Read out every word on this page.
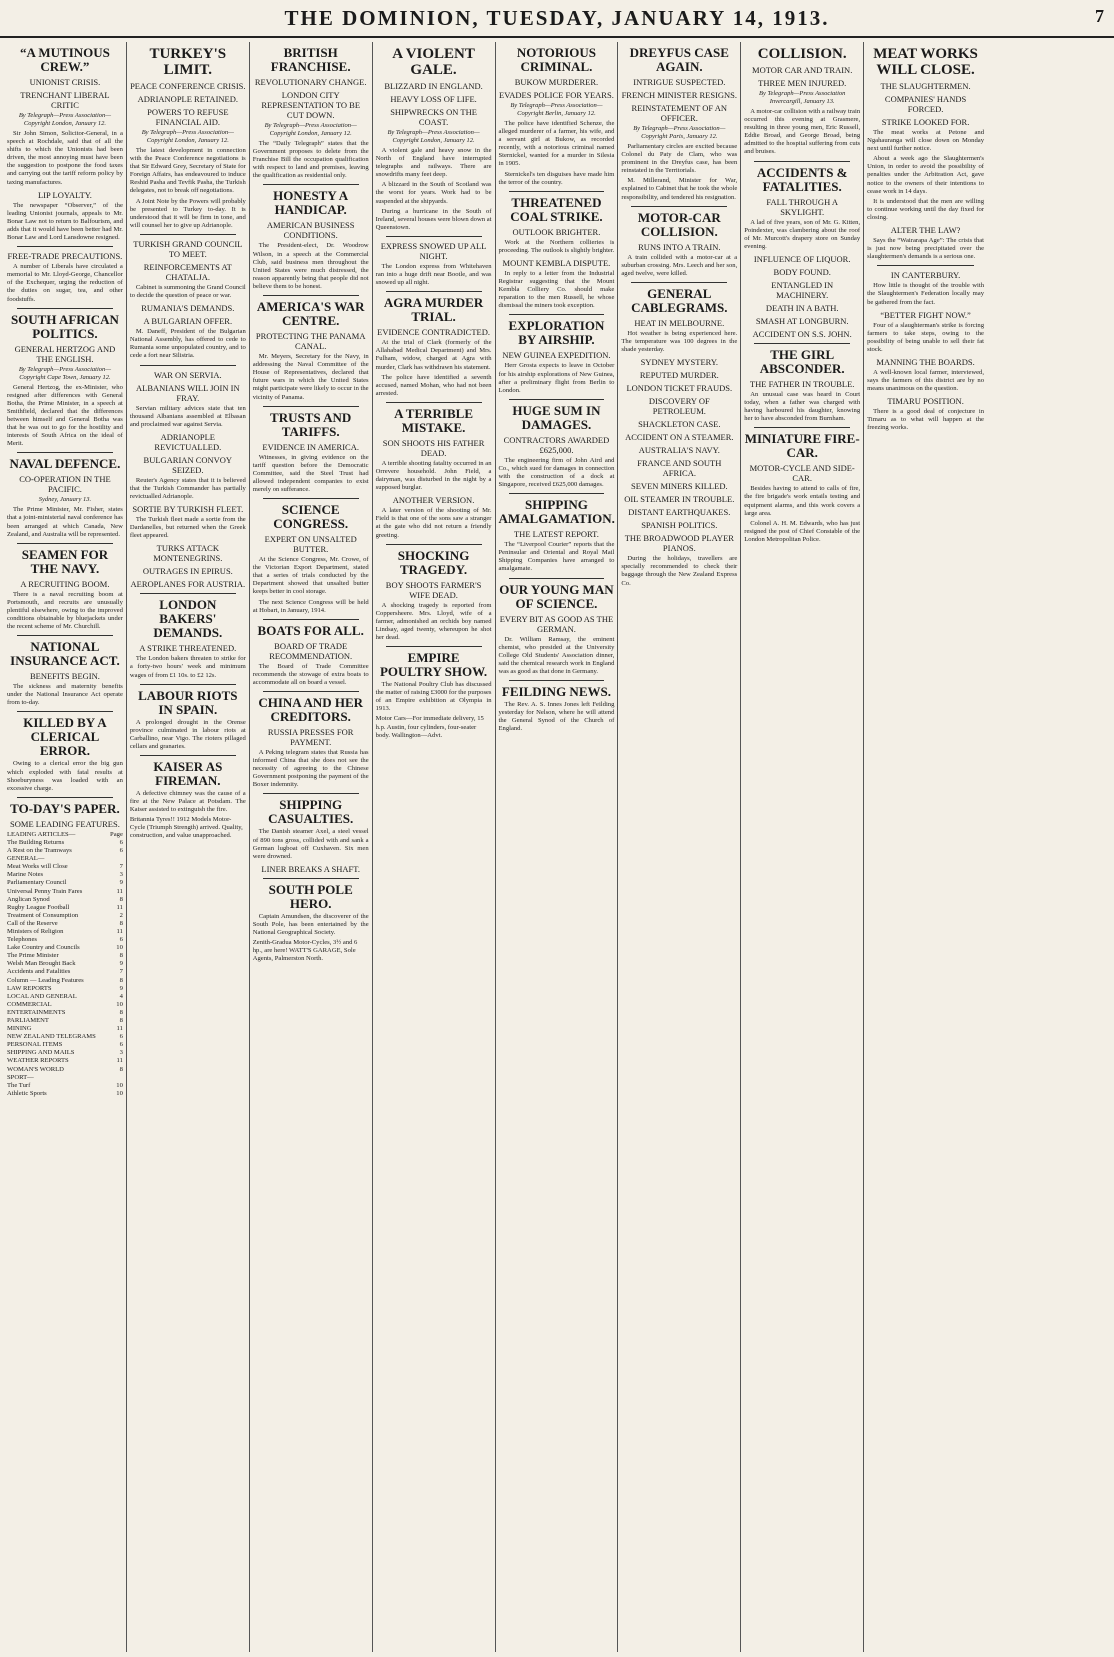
THE DOMINION, TUESDAY, JANUARY 14, 1913.	7
“A MUTINOUS CREW.”
UNIONIST CRISIS.
TRENCHANT LIBERAL CRITIC
By Telegraph—Press Association—Copyright London, January 12.
Sir John Simon, Solicitor-General, in a speech at Rochdale, said that of all the shifts to which the Unionists had been driven, the most annoying must have been the suggestion to postpone the food taxes and carrying out the tariff reform policy by taxing manufactures.
LIP LOYALTY.
The newspaper “Observer,” of the leading Unionist journals, appeals to Mr. Bonar Law not to return to Balfourism, and adds that it would have been better had Mr. Bonar Law and Lord Lansdowne resigned.
FREE-TRADE PRECAUTIONS.
A number of Liberals have circulated a memorial to Mr. Lloyd-George, Chancellor of the Exchequer, urging the reduction of the duties on sugar, tea, and other foodstuffs.
SOUTH AFRICAN POLITICS.
GENERAL HERTZOG AND THE ENGLISH.
By Telegraph—Press Association—Copyright Cape Town, January 12.
General Hertzog, the ex-Minister, who resigned after differences with General Botha, the Prime Minister, in a speech at Smithfield, declared that the differences between himself and General Botha was that he was out to go for the hostility and interests of South Africa on the ideal of Merit.
NAVAL DEFENCE.
CO-OPERATION IN THE PACIFIC.
Sydney, January 13.
The Prime Minister, Mr. Fisher, states that a joint-ministerial naval conference has been arranged at which Canada, New Zealand, and Australia will be represented.
SEAMEN FOR THE NAVY.
A RECRUITING BOOM.
There is a naval recruiting boom at Portsmouth, and recruits are unusually plentiful elsewhere, owing to the improved conditions obtainable by bluejackets under the recent scheme of Mr. Churchill.
NATIONAL INSURANCE ACT.
BENEFITS BEGIN.
The sickness and maternity benefits under the National Insurance Act operate from to-day.
KILLED BY A CLERICAL ERROR.
Owing to a clerical error the big gun which exploded with fatal results at Shoeburyness was loaded with an excessive charge.
TO-DAY'S PAPER.
SOME LEADING FEATURES.
LEADING ARTICLES—	Page
The Building Returns	6
A Rest on the Tramways	6
GENERAL—
Meat Works will Close	7
Marine Notes	3
Parliamentary Council	9
Universal Penny Train Fares	11
Anglican Synod	8
Rugby League Football	11
Treatment of Consumption	2
Call of the Reserve	8
Ministers of Religion	11
Telephones	6
Lake Country and Councils	10
The Prime Minister	8
Welsh Man Brought Back	9
Accidents and Fatalities	7
Column — Leading Features	8
LAW REPORTS	9
LOCAL AND GENERAL	4
COMMERCIAL	10
ENTERTAINMENTS	8
PARLIAMENT	8
MINING	11
NEW ZEALAND TELEGRAMS	6
PERSONAL ITEMS	6
SHIPPING AND MAILS	3
WEATHER REPORTS	11
WOMAN'S WORLD	8
SPORT—
The Turf	10
Athletic Sports	10
TURKEY'S LIMIT.
PEACE CONFERENCE CRISIS.
ADRIANOPLE RETAINED.
POWERS TO REFUSE FINANCIAL AID.
By Telegraph—Press Association—Copyright London, January 12.
The latest development in connection with the Peace Conference negotiations is that Sir Edward Grey, Secretary of State for Foreign Affairs, has endeavoured to induce Reshid Pasha and Tevfik Pasha, the Turkish delegates, not to break off negotiations.
A Joint Note by the Powers will probably be presented to Turkey to-day. It is understood that it will be firm in tone, and will counsel her to give up Adrianople.
TURKISH GRAND COUNCIL TO MEET.
REINFORCEMENTS AT CHATALJA.
Cabinet is summoning the Grand Council to decide the question of peace or war.
RUMANIA'S DEMANDS.
A BULGARIAN OFFER.
M. Daneff, President of the Bulgarian National Assembly, has offered to cede to Rumania some unpopulated country, and to cede a fort near Silistria.
WAR ON SERVIA.
ALBANIANS WILL JOIN IN FRAY.
Servian military advices state that ten thousand Albanians assembled at Elbasan and proclaimed war against Servia.
ADRIANOPLE REVICTUALLED.
BULGARIAN CONVOY SEIZED.
Reuter's Agency states that it is believed that the Turkish Commander has partially revictualled Adrianople.
SORTIE BY TURKISH FLEET.
The Turkish fleet made a sortie from the Dardanelles, but returned when the Greek fleet appeared.
TURKS ATTACK MONTENEGRINS.
OUTRAGES IN EPIRUS.
AEROPLANES FOR AUSTRIA.
LONDON BAKERS' DEMANDS.
A STRIKE THREATENED.
The London bakers threaten to strike for a forty-two hours' week and minimum wages of from £1 10s. to £2 12s.
LABOUR RIOTS IN SPAIN.
A prolonged drought in the Orense province culminated in labour riots at Carballino, near Vigo. The rioters pillaged cellars and granaries.
KAISER AS FIREMAN.
A defective chimney was the cause of a fire at the New Palace at Potsdam. The Kaiser assisted to extinguish the fire.
Britannia Tyres!! 1912 Models Motor-Cycle (Triumph Strength) arrived. Quality, construction, and value unapproached.
BRITISH FRANCHISE.
REVOLUTIONARY CHANGE.
LONDON CITY REPRESENTATION TO BE CUT DOWN.
By Telegraph—Press Association—Copyright London, January 12.
The “Daily Telegraph” states that the Government proposes to delete from the Franchise Bill the occupation qualification with respect to land and premises, leaving the qualification as residential only.
HONESTY A HANDICAP.
AMERICAN BUSINESS CONDITIONS.
The President-elect, Dr. Woodrow Wilson, in a speech at the Commercial Club, said business men throughout the United States were much distressed, the reason apparently being that people did not believe them to be honest.
AMERICA'S WAR CENTRE.
PROTECTING THE PANAMA CANAL.
Mr. Meyers, Secretary for the Navy, in addressing the Naval Committee of the House of Representatives, declared that future wars in which the United States might participate were likely to occur in the vicinity of Panama.
TRUSTS AND TARIFFS.
EVIDENCE IN AMERICA.
Witnesses, in giving evidence on the tariff question before the Democratic Committee, said the Steel Trust had allowed independent companies to exist merely on sufferance.
SCIENCE CONGRESS.
EXPERT ON UNSALTED BUTTER.
At the Science Congress, Mr. Crowe, of the Victorian Export Department, stated that a series of trials conducted by the Department showed that unsalted butter keeps better in cool storage.
The next Science Congress will be held at Hobart, in January, 1914.
BOATS FOR ALL.
BOARD OF TRADE RECOMMENDATION.
The Board of Trade Committee recommends the stowage of extra boats to accommodate all on board a vessel.
CHINA AND HER CREDITORS.
RUSSIA PRESSES FOR PAYMENT.
A Peking telegram states that Russia has informed China that she does not see the necessity of agreeing to the Chinese Government postponing the payment of the Boxer indemnity.
SHIPPING CASUALTIES.
The Danish steamer Axel, a steel vessel of 890 tons gross, collided with and sank a German lugboat off Cuxhaven. Six men were drowned.
LINER BREAKS A SHAFT.
SOUTH POLE HERO.
Captain Amundsen, the discoverer of the South Pole, has been entertained by the National Geographical Society.
Zenith-Gradua Motor-Cycles, 3½ and 6 hp., are here! WATT'S GARAGE, Sole Agents, Palmerston North.
A VIOLENT GALE.
BLIZZARD IN ENGLAND.
HEAVY LOSS OF LIFE.
SHIPWRECKS ON THE COAST.
By Telegraph—Press Association—Copyright London, January 12.
A violent gale and heavy snow in the North of England have interrupted telegraphs and railways. There are snowdrifts many feet deep.
A blizzard in the South of Scotland was the worst for years. Work had to be suspended at the shipyards.
During a hurricane in the South of Ireland, several houses were blown down at Queenstown.
EXPRESS SNOWED UP ALL NIGHT.
The London express from Whitehaven ran into a huge drift near Bootle, and was snowed up all night.
AGRA MURDER TRIAL.
EVIDENCE CONTRADICTED.
At the trial of Clark (formerly of the Allahabad Medical Department) and Mrs. Fulham, widow, charged at Agra with murder, Clark has withdrawn his statement.
The police have identified a seventh accused, named Mohan, who had not been arrested.
A TERRIBLE MISTAKE.
SON SHOOTS HIS FATHER DEAD.
A terrible shooting fatality occurred in an Orrevere household. John Field, a dairyman, was disturbed in the night by a supposed burglar.
ANOTHER VERSION.
A later version of the shooting of Mr. Field is that one of the sons saw a stranger at the gate who did not return a friendly greeting.
SHOCKING TRAGEDY.
BOY SHOOTS FARMER'S WIFE DEAD.
A shocking tragedy is reported from Coppersheere. Mrs. Lloyd, wife of a farmer, admonished an orchids boy named Lindsay, aged twenty, whereupon he shot her dead.
EMPIRE POULTRY SHOW.
The National Poultry Club has discussed the matter of raising £3000 for the purposes of an Empire exhibition at Olympia in 1913.
Motor Cars—For immediate delivery, 15 h.p. Austin, four cylinders, four-seater body. Wallington—Advt.
NOTORIOUS CRIMINAL.
BUKOW MURDERER.
EVADES POLICE FOR YEARS.
By Telegraph—Press Association—Copyright Berlin, January 12.
The police have identified Schenze, the alleged murderer of a farmer, his wife, and a servant girl at Bukow, as recorded recently, with a notorious criminal named Sternickel, wanted for a murder in Silesia in 1905.
Sternickel's ten disguises have made him the terror of the country.
THREATENED COAL STRIKE.
OUTLOOK BRIGHTER.
Work at the Northern collieries is proceeding. The outlook is slightly brighter.
MOUNT KEMBLA DISPUTE.
In reply to a letter from the Industrial Registrar suggesting that the Mount Kembla Colliery Co. should make reparation to the men Russell, he whose dismissal the miners took exception.
EXPLORATION BY AIRSHIP.
NEW GUINEA EXPEDITION.
Herr Grosta expects to leave in October for his airship explorations of New Guinea, after a preliminary flight from Berlin to London.
HUGE SUM IN DAMAGES.
CONTRACTORS AWARDED £625,000.
The engineering firm of John Aird and Co., which sued for damages in connection with the construction of a dock at Singapore, received £625,000 damages.
SHIPPING AMALGAMATION.
THE LATEST REPORT.
The “Liverpool Courier” reports that the Peninsular and Oriental and Royal Mail Shipping Companies have arranged to amalgamate.
OUR YOUNG MAN OF SCIENCE.
EVERY BIT AS GOOD AS THE GERMAN.
Dr. William Ramsay, the eminent chemist, who presided at the University College Old Students' Association dinner, said the chemical research work in England was as good as that done in Germany.
FEILDING NEWS.
The Rev. A. S. Innes Jones left Feilding yesterday for Nelson, where he will attend the General Synod of the Church of England.
DREYFUS CASE AGAIN.
INTRIGUE SUSPECTED.
FRENCH MINISTER RESIGNS.
REINSTATEMENT OF AN OFFICER.
By Telegraph—Press Association—Copyright Paris, January 12.
Parliamentary circles are excited because Colonel du Paty de Clam, who was prominent in the Dreyfus case, has been reinstated in the Territorials.
M. Millerand, Minister for War, explained to Cabinet that he took the whole responsibility, and tendered his resignation.
MOTOR-CAR COLLISION.
RUNS INTO A TRAIN.
A train collided with a motor-car at a suburban crossing. Mrs. Leech and her son, aged twelve, were killed.
GENERAL CABLEGRAMS.
HEAT IN MELBOURNE.
Hot weather is being experienced here. The temperature was 100 degrees in the shade yesterday.
SYDNEY MYSTERY.
REPUTED MURDER.
LONDON TICKET FRAUDS.
DISCOVERY OF PETROLEUM.
SHACKLETON CASE.
ACCIDENT ON A STEAMER.
AUSTRALIA'S NAVY.
FRANCE AND SOUTH AFRICA.
SEVEN MINERS KILLED.
OIL STEAMER IN TROUBLE.
DISTANT EARTHQUAKES.
SPANISH POLITICS.
THE BROADWOOD PLAYER PIANOS.
During the holidays, travellers are specially recommended to check their baggage through the New Zealand Express Co.
COLLISION.
MOTOR CAR AND TRAIN.
THREE MEN INJURED.
By Telegraph—Press Association Invercargill, January 13.
A motor-car collision with a railway train occurred this evening at Grasmere, resulting in three young men, Eric Russell, Eddie Broad, and George Broad, being admitted to the hospital suffering from cuts and bruises.
ACCIDENTS & FATALITIES.
FALL THROUGH A SKYLIGHT.
A lad of five years, son of Mr. G. Kitten, Poindexter, was clambering about the roof of Mr. Murcott's drapery store on Sunday evening.
INFLUENCE OF LIQUOR.
BODY FOUND.
ENTANGLED IN MACHINERY.
DEATH IN A BATH.
SMASH AT LONGBURN.
ACCIDENT ON S.S. JOHN.
THE GIRL ABSCONDER.
THE FATHER IN TROUBLE.
An unusual case was heard in Court today, when a father was charged with having harboured his daughter, knowing her to have absconded from Burnham.
MINIATURE FIRE-CAR.
MOTOR-CYCLE AND SIDE-CAR.
Besides having to attend to calls of fire, the fire brigade's work entails testing and equipment alarms, and this work covers a large area.
Colonel A. H. M. Edwards, who has just resigned the post of Chief Constable of the London Metropolitan Police.
MEAT WORKS WILL CLOSE.
THE SLAUGHTERMEN.
COMPANIES' HANDS FORCED.
STRIKE LOOKED FOR.
The meat works at Petone and Ngahauranga will close down on Monday next until further notice.
About a week ago the Slaughtermen's Union, in order to avoid the possibility of penalties under the Arbitration Act, gave notice to the owners of their intentions to cease work in 14 days.
It is understood that the men are willing to continue working until the day fixed for closing.
ALTER THE LAW?
Says the “Wairarapa Age”: The crisis that is just now being precipitated over the slaughtermen's demands is a serious one.
IN CANTERBURY.
How little is thought of the trouble with the Slaughtermen's Federation locally may be gathered from the fact.
“BETTER FIGHT NOW.”
Four of a slaughterman's strike is forcing farmers to take steps, owing to the possibility of being unable to sell their fat stock.
MANNING THE BOARDS.
A well-known local farmer, interviewed, says the farmers of this district are by no means unanimous on the question.
TIMARU POSITION.
There is a good deal of conjecture in Timaru as to what will happen at the freezing works.
